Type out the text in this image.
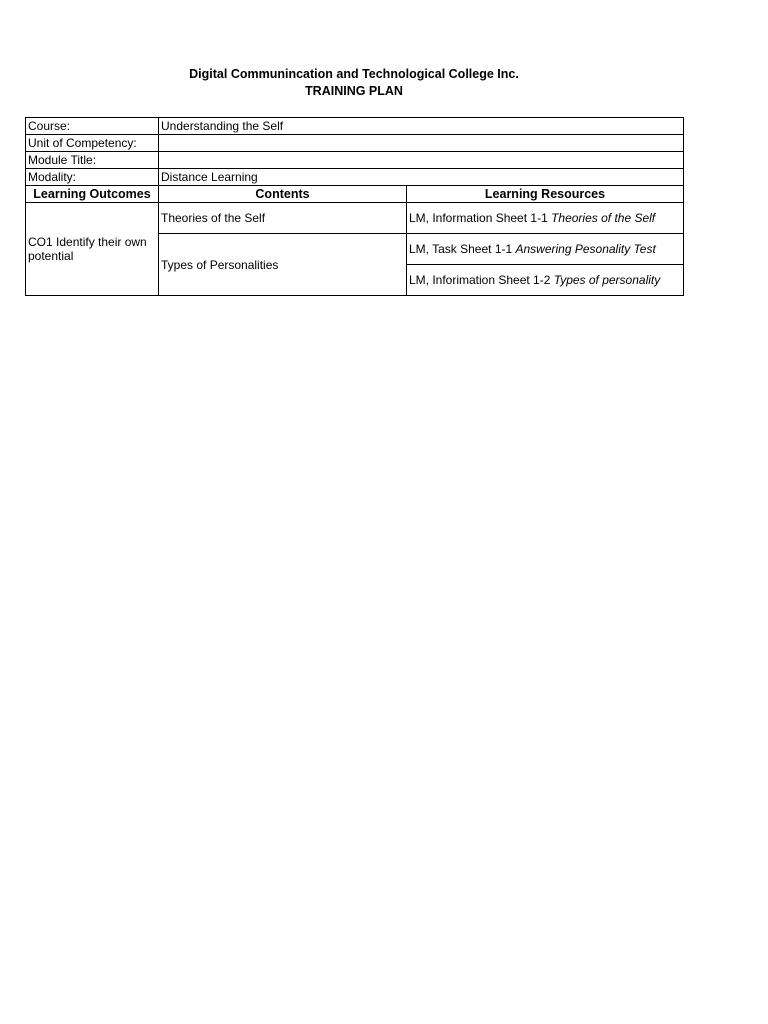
Digital Communincation and Technological College Inc.
TRAINING PLAN
Course:	Understanding the Self	
Unit of Competency:		
Module Title:		
Modality:	Distance Learning	
Learning Outcomes	Contents	Learning Resources
CO1 Identify their own potential	Theories of the Self	LM, Information Sheet 1-1 Theories of the Self
	Types of Personalities	LM, Task Sheet 1-1 Answering Pesonality Test
		LM, Inforimation Sheet 1-2 Types of personality
